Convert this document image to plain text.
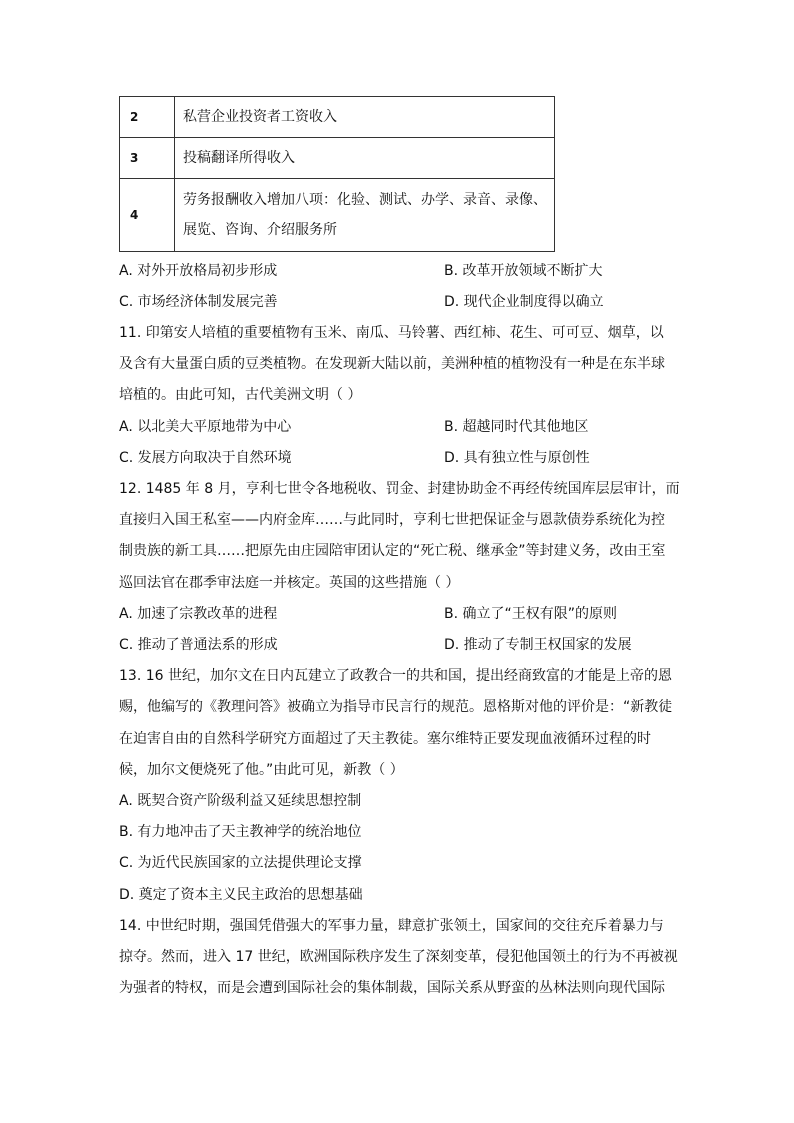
2	私营企业投资者工资收入
3	投稿翻译所得收入
4	劳务报酬收入增加八项：化验、测试、办学、录音、录像、
展览、咨询、介绍服务所
A. 对外开放格局初步形成	B. 改革开放领域不断扩大
C. 市场经济体制发展完善	D. 现代企业制度得以确立
11. 印第安人培植的重要植物有玉米、南瓜、马铃薯、西红柿、花生、可可豆、烟草，以
及含有大量蛋白质的豆类植物。在发现新大陆以前，美洲种植的植物没有一种是在东半球
培植的。由此可知，古代美洲文明（ ）
A. 以北美大平原地带为中心	B. 超越同时代其他地区
C. 发展方向取决于自然环境	D. 具有独立性与原创性
12. 1485 年 8 月，亨利七世令各地税收、罚金、封建协助金不再经传统国库层层审计，而
直接归入国王私室——内府金库……与此同时，亨利七世把保证金与恩款债券系统化为控
制贵族的新工具……把原先由庄园陪审团认定的“死亡税、继承金”等封建义务，改由王室
巡回法官在郡季审法庭一并核定。英国的这些措施（ ）
A. 加速了宗教改革的进程	B. 确立了“王权有限”的原则
C. 推动了普通法系的形成	D. 推动了专制王权国家的发展
13. 16 世纪，加尔文在日内瓦建立了政教合一的共和国，提出经商致富的才能是上帝的恩
赐，他编写的《教理问答》被确立为指导市民言行的规范。恩格斯对他的评价是：“新教徒
在迫害自由的自然科学研究方面超过了天主教徒。塞尔维特正要发现血液循环过程的时
候，加尔文便烧死了他。”由此可见，新教（ ）
A. 既契合资产阶级利益又延续思想控制
B. 有力地冲击了天主教神学的统治地位
C. 为近代民族国家的立法提供理论支撑
D. 奠定了资本主义民主政治的思想基础
14. 中世纪时期，强国凭借强大的军事力量，肆意扩张领土，国家间的交往充斥着暴力与
掠夺。然而，进入 17 世纪，欧洲国际秩序发生了深刻变革，侵犯他国领土的行为不再被视
为强者的特权，而是会遭到国际社会的集体制裁，国际关系从野蛮的丛林法则向现代国际
